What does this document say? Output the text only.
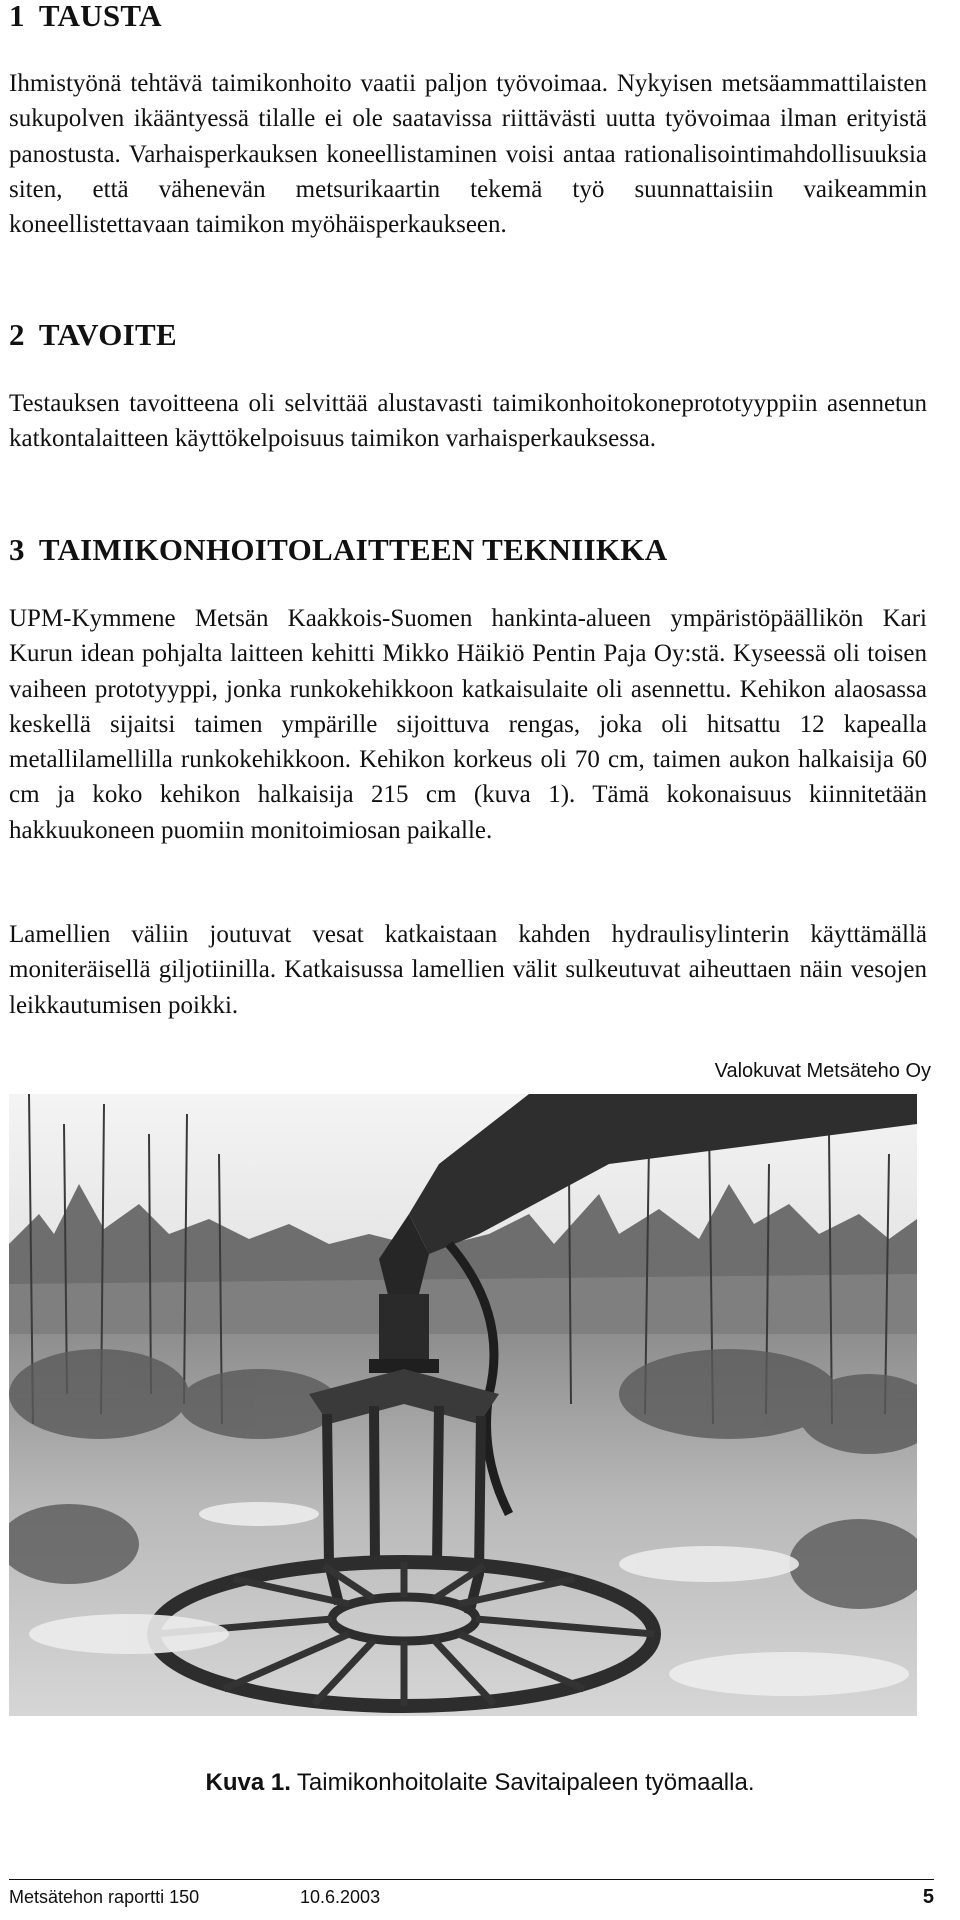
1 TAUSTA

Ihmistyönä tehtävä taimikonhoito vaatii paljon työvoimaa. Nykyisen metsäammattilaisten sukupolven ikääntyessä tilalle ei ole saatavissa riittävästi uutta työvoimaa ilman erityistä panostusta. Varhaisperkauksen koneellistaminen voisi antaa rationalisointimahdollisuuksia siten, että vähenevän metsurikaartin tekemä työ suunnattaisiin vaikeammin koneellistettavaan taimikon myöhäisperkaukseen.

2 TAVOITE

Testauksen tavoitteena oli selvittää alustavasti taimikonhoitokoneprototyyppiin asennetun katkontalaitteen käyttökelpoisuus taimikon varhaisperkauksessa.

3 TAIMIKONHOITOLAITTEEN TEKNIIKKA

UPM-Kymmene Metsän Kaakkois-Suomen hankinta-alueen ympäristöpäällikön Kari Kurun idean pohjalta laitteen kehitti Mikko Häikiö Pentin Paja Oy:stä. Kyseessä oli toisen vaiheen prototyyppi, jonka runkokehikkoon katkaisulaite oli asennettu. Kehikon alaosassa keskellä sijaitsi taimen ympärille sijoittuva rengas, joka oli hitsattu 12 kapealla metallilamellilla runkokehikkoon. Kehikon korkeus oli 70 cm, taimen aukon halkaisija 60 cm ja koko kehikon halkaisija 215 cm (kuva 1). Tämä kokonaisuus kiinnitetään hakkuukoneen puomiin monitoimiosan paikalle.

Lamellien väliin joutuvat vesat katkaistaan kahden hydraulisylinterin käyttämällä moniteräisellä giljotiinilla. Katkaisussa lamellien välit sulkeutuvat aiheuttaen näin vesojen leikkautumisen poikki.

Valokuvat Metsäteho Oy
Kuva 1. Taimikonhoitolaite Savitaipaleen työmaalla.
Metsätehon raportti 150	10.6.2003	5
